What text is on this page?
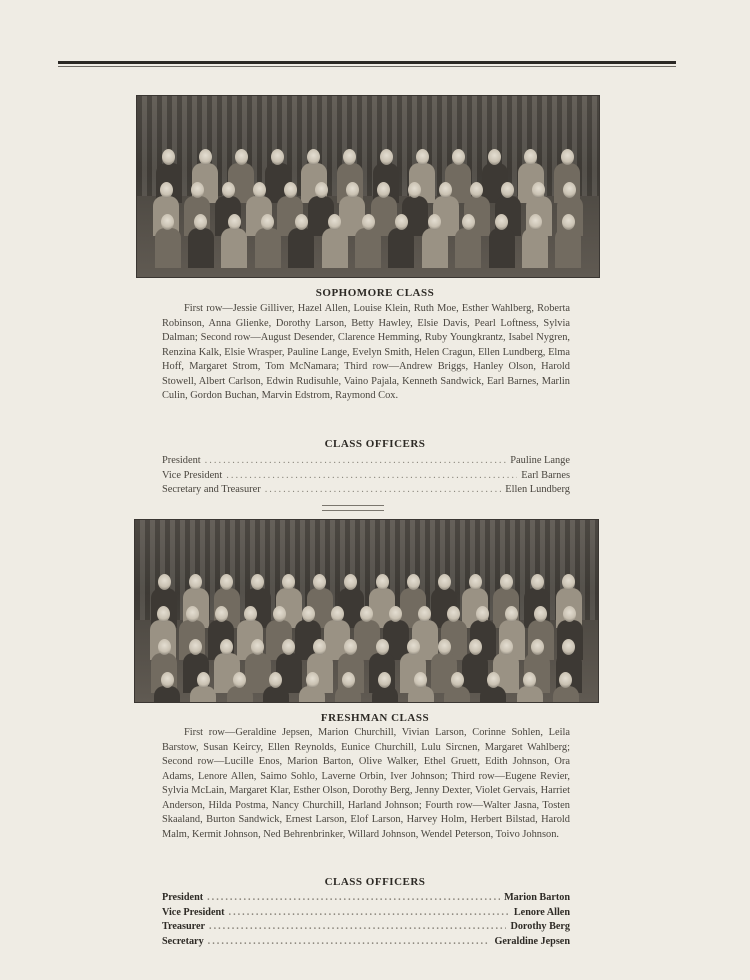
SOPHOMORE CLASS
First row—Jessie Gilliver, Hazel Allen, Louise Klein, Ruth Moe, Esther Wahlberg, Roberta Robinson, Anna Glienke, Dorothy Larson, Betty Hawley, Elsie Davis, Pearl Loftness, Sylvia Dalman; Second row—August Desender, Clarence Hemming, Ruby Youngkrantz, Isabel Nygren, Renzina Kalk, Elsie Wrasper, Pauline Lange, Evelyn Smith, Helen Cragun, Ellen Lundberg, Elma Hoff, Margaret Strom, Tom McNamara; Third row—Andrew Briggs, Hanley Olson, Harold Stowell, Albert Carlson, Edwin Rudisuhle, Vaino Pajala, Kenneth Sandwick, Earl Barnes, Marlin Culin, Gordon Buchan, Marvin Edstrom, Raymond Cox.
CLASS OFFICERS
President .....	Pauline Lange
Vice President .....	Earl Barnes
Secretary and Treasurer .....	Ellen Lundberg
FRESHMAN CLASS
First row—Geraldine Jepsen, Marion Churchill, Vivian Larson, Corinne Sohlen, Leila Barstow, Susan Keircy, Ellen Reynolds, Eunice Churchill, Lulu Sircnen, Margaret Wahlberg; Second row—Lucille Enos, Marion Barton, Olive Walker, Ethel Gruett, Edith Johnson, Ora Adams, Lenore Allen, Saimo Sohlo, Laverne Orbin, Iver Johnson; Third row—Eugene Revier, Sylvia McLain, Margaret Klar, Esther Olson, Dorothy Berg, Jenny Dexter, Violet Gervais, Harriet Anderson, Hilda Postma, Nancy Churchill, Harland Johnson; Fourth row—Walter Jasna, Tosten Skaaland, Burton Sandwick, Ernest Larson, Elof Larson, Harvey Holm, Herbert Bilstad, Harold Malm, Kermit Johnson, Ned Behrenbrinker, Willard Johnson, Wendel Peterson, Toivo Johnson.
CLASS OFFICERS
President .....	Marion Barton
Vice President .....	Lenore Allen
Treasurer .....	Dorothy Berg
Secretary .....	Geraldine Jepsen
